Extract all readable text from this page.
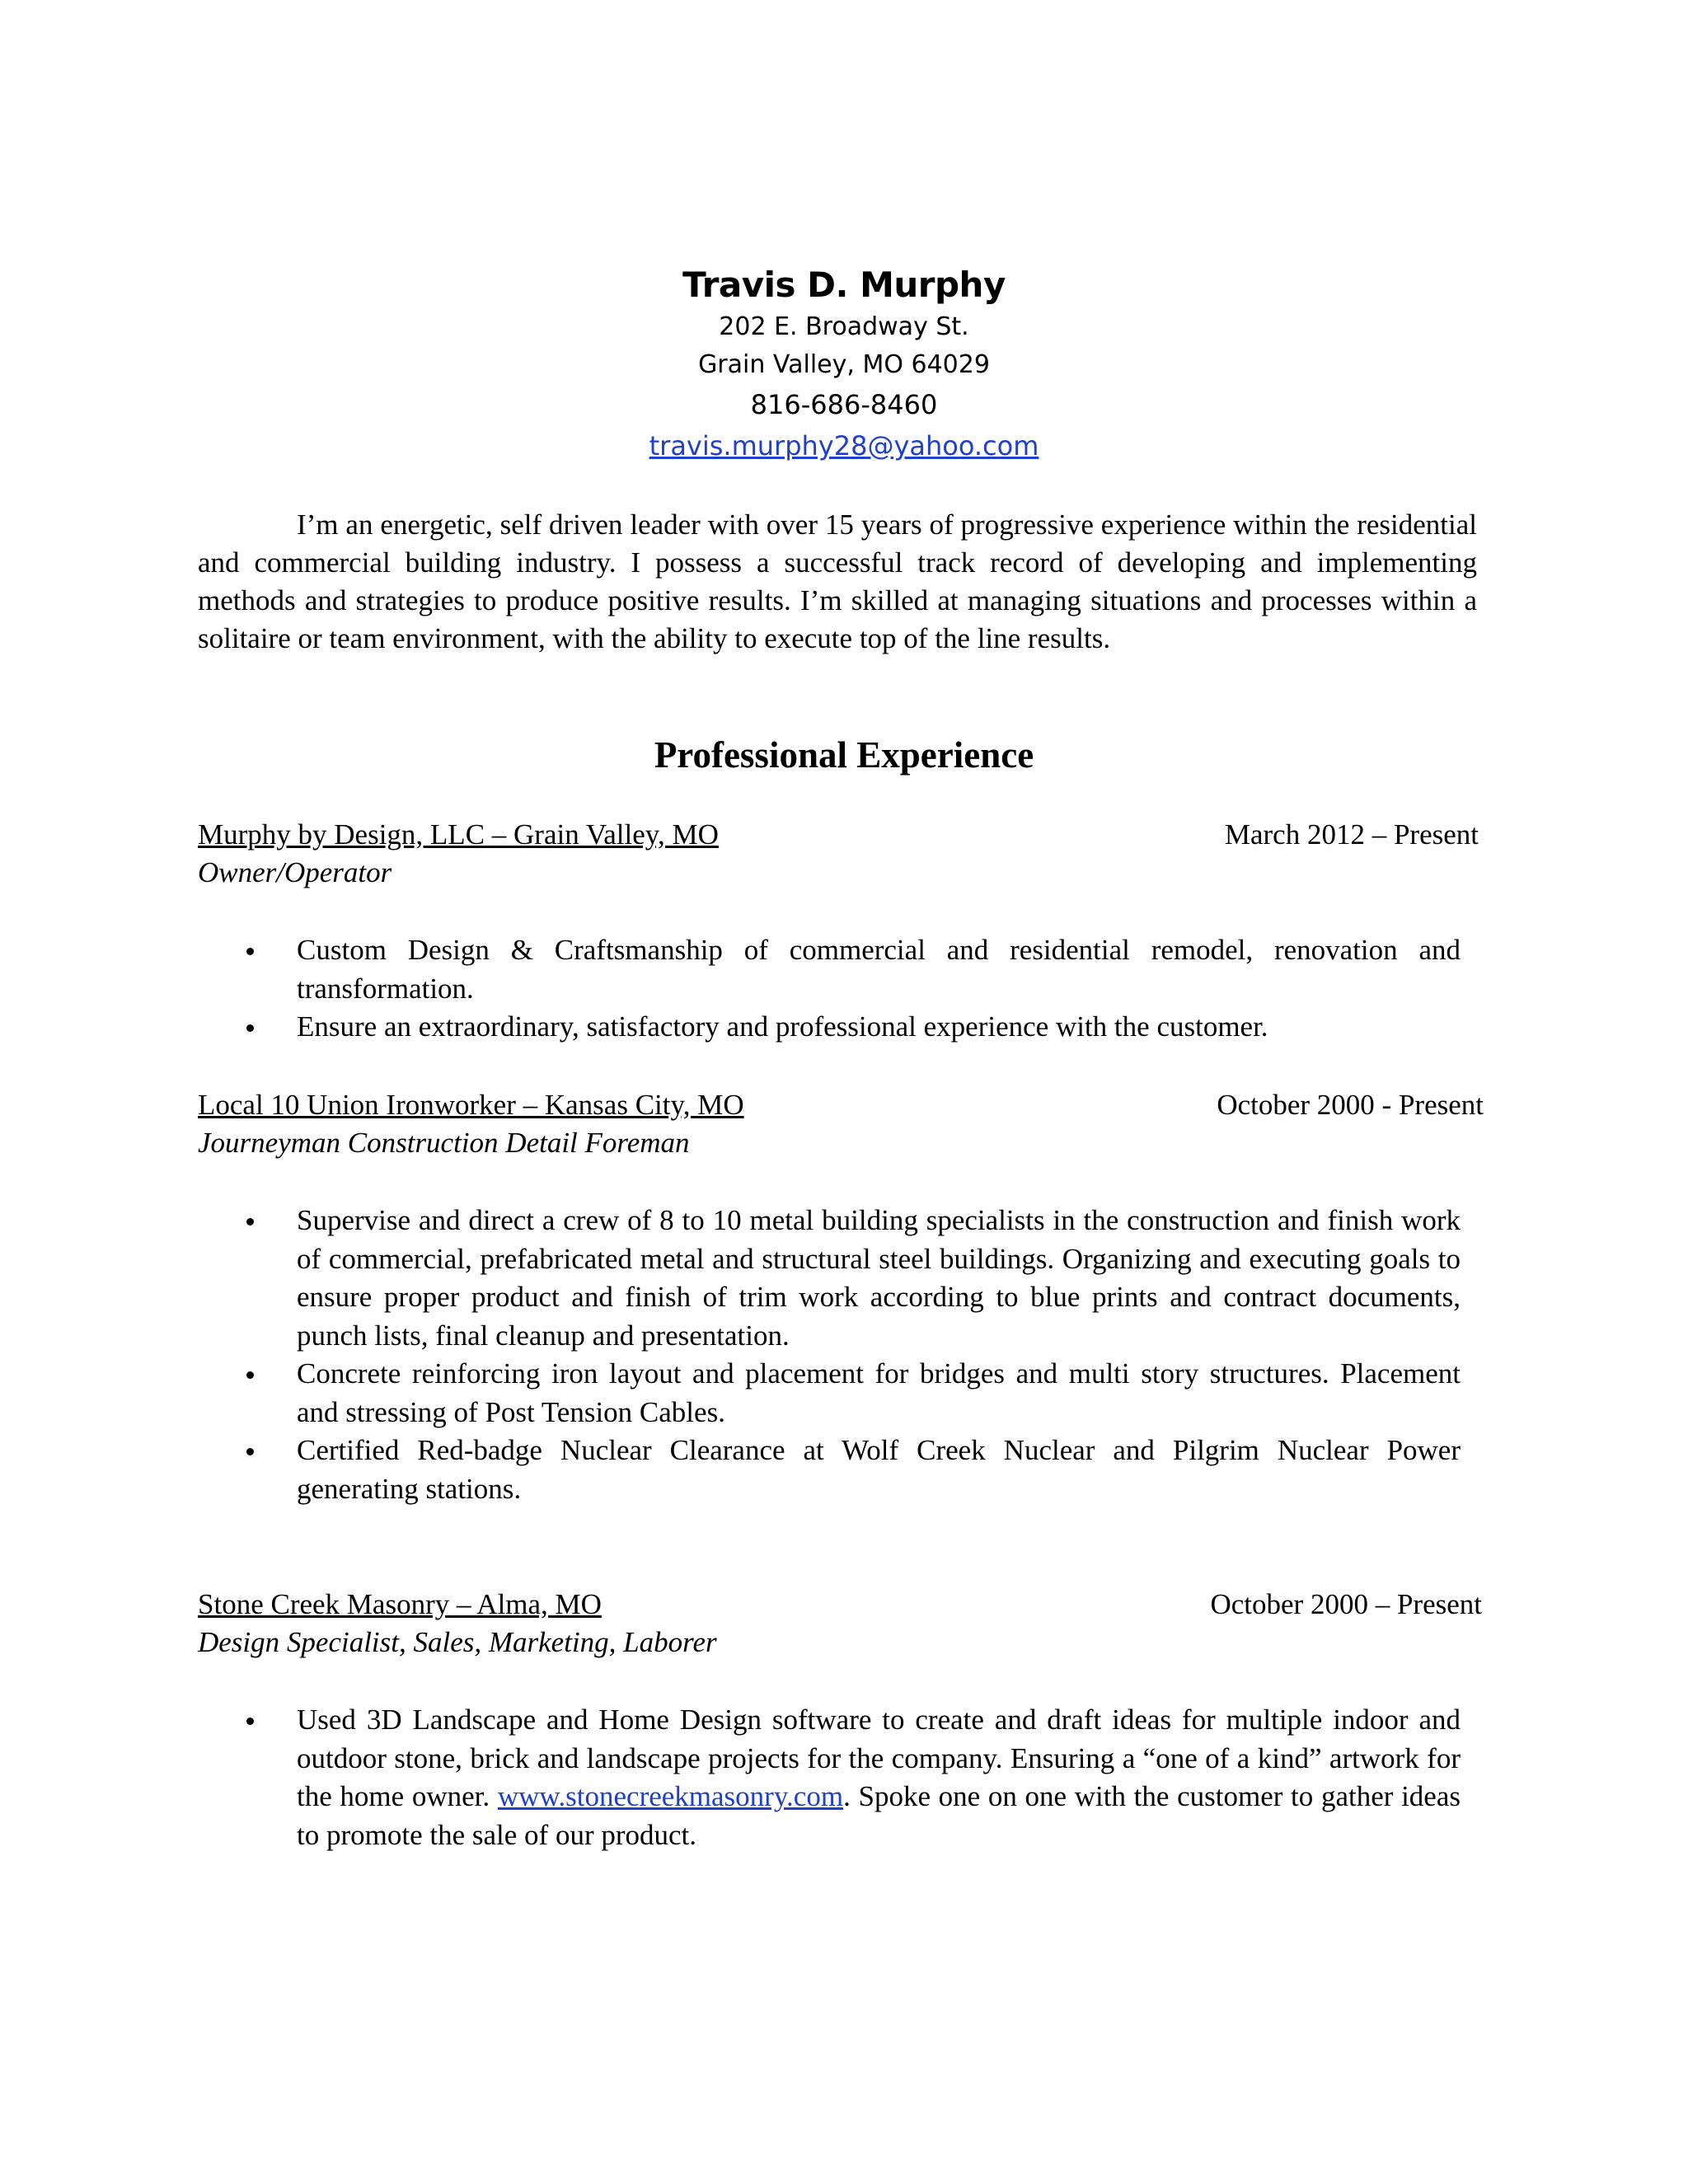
Travis D. Murphy
202 E. Broadway St.
Grain Valley, MO 64029
816-686-8460
travis.murphy28@yahoo.com
I’m an energetic, self driven leader with over 15 years of progressive experience within the residential and commercial building industry. I possess a successful track record of developing and implementing methods and strategies to produce positive results. I’m skilled at managing situations and processes within a solitaire or team environment, with the ability to execute top of the line results.
Professional Experience
Murphy by Design, LLC – Grain Valley, MO	March 2012 – Present
Owner/Operator
Custom Design & Craftsmanship of commercial and residential remodel, renovation and transformation.
Ensure an extraordinary, satisfactory and professional experience with the customer.
Local 10 Union Ironworker – Kansas City, MO	October 2000 - Present
Journeyman Construction Detail Foreman
Supervise and direct a crew of 8 to 10 metal building specialists in the construction and finish work of commercial, prefabricated metal and structural steel buildings. Organizing and executing goals to ensure proper product and finish of trim work according to blue prints and contract documents, punch lists, final cleanup and presentation.
Concrete reinforcing iron layout and placement for bridges and multi story structures. Placement and stressing of Post Tension Cables.
Certified Red-badge Nuclear Clearance at Wolf Creek Nuclear and Pilgrim Nuclear Power generating stations.
Stone Creek Masonry – Alma, MO	October 2000 – Present
Design Specialist, Sales, Marketing, Laborer
Used 3D Landscape and Home Design software to create and draft ideas for multiple indoor and outdoor stone, brick and landscape projects for the company. Ensuring a “one of a kind” artwork for the home owner. www.stonecreekmasonry.com. Spoke one on one with the customer to gather ideas to promote the sale of our product.
